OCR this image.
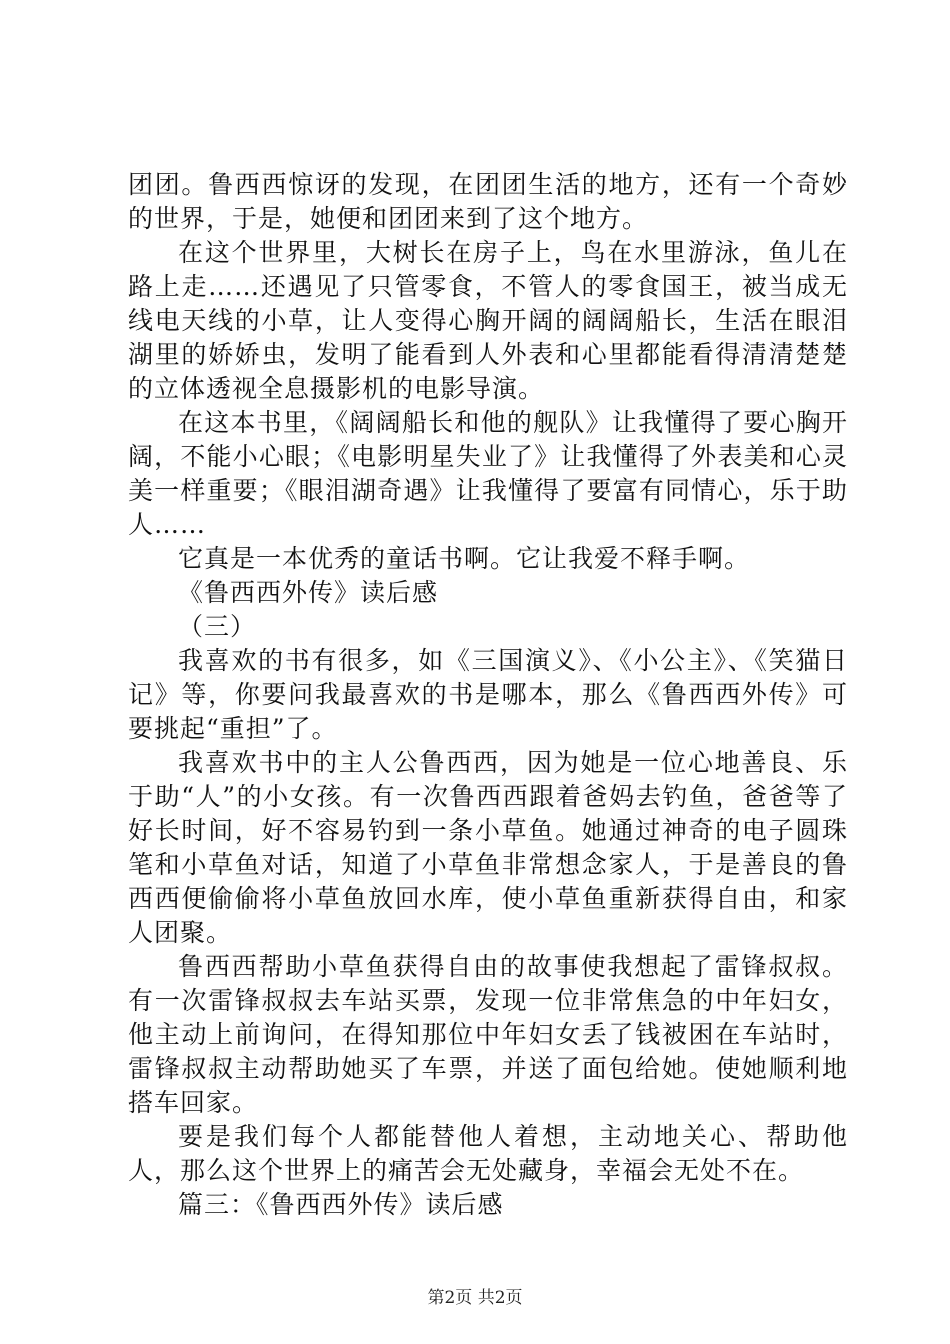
团团。鲁西西惊讶的发现，在团团生活的地方，还有一个奇妙的世界，于是，她便和团团来到了这个地方。

在这个世界里，大树长在房子上，鸟在水里游泳，鱼儿在路上走……还遇见了只管零食，不管人的零食国王，被当成无线电天线的小草，让人变得心胸开阔的阔阔船长，生活在眼泪湖里的娇娇虫，发明了能看到人外表和心里都能看得清清楚楚的立体透视全息摄影机的电影导演。

在这本书里，《阔阔船长和他的舰队》让我懂得了要心胸开阔，不能小心眼；《电影明星失业了》让我懂得了外表美和心灵美一样重要；《眼泪湖奇遇》让我懂得了要富有同情心，乐于助人……

它真是一本优秀的童话书啊。它让我爱不释手啊。

《鲁西西外传》读后感

（三）

我喜欢的书有很多，如《三国演义》、《小公主》、《笑猫日记》等，你要问我最喜欢的书是哪本，那么《鲁西西外传》可要挑起“重担”了。

我喜欢书中的主人公鲁西西，因为她是一位心地善良、乐于助“人”的小女孩。有一次鲁西西跟着爸妈去钓鱼，爸爸等了好长时间，好不容易钓到一条小草鱼。她通过神奇的电子圆珠笔和小草鱼对话，知道了小草鱼非常想念家人，于是善良的鲁西西便偷偷将小草鱼放回水库，使小草鱼重新获得自由，和家人团聚。

鲁西西帮助小草鱼获得自由的故事使我想起了雷锋叔叔。有一次雷锋叔叔去车站买票，发现一位非常焦急的中年妇女，他主动上前询问，在得知那位中年妇女丢了钱被困在车站时，雷锋叔叔主动帮助她买了车票，并送了面包给她。使她顺利地搭车回家。

要是我们每个人都能替他人着想，主动地关心、帮助他人，那么这个世界上的痛苦会无处藏身，幸福会无处不在。

篇三：《鲁西西外传》读后感

第2页 共2页
